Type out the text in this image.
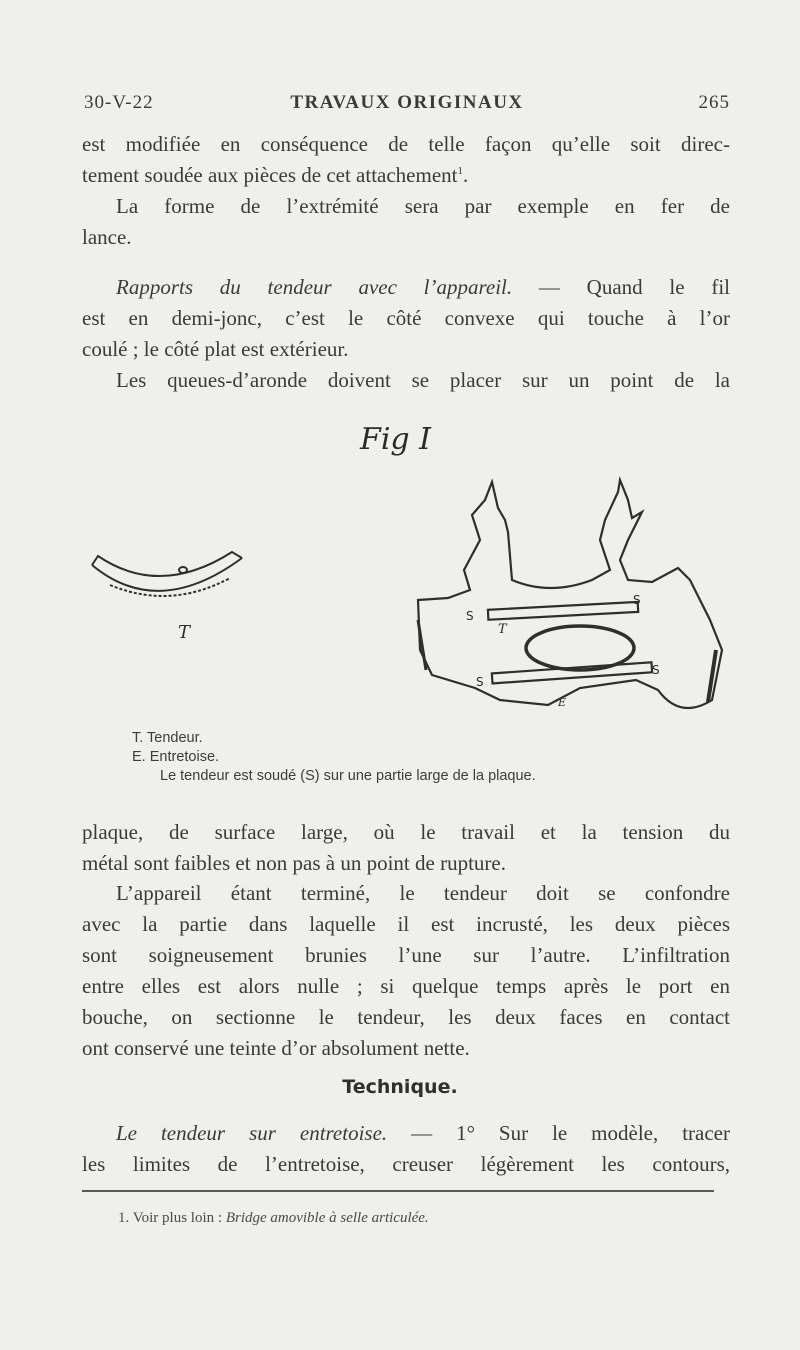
30-V-22	TRAVAUX ORIGINAUX	265
est modifiée en conséquence de telle façon qu’elle soit direc-
tement soudée aux pièces de cet attachement$^1$.
La forme de l’extrémité sera par exemple en fer de
lance.
Rapports du tendeur avec l’appareil. — Quand le fil
est en demi-jonc, c’est le côté convexe qui touche à l’or
coulé ; le côté plat est extérieur.
Les queues-d’aronde doivent se placer sur un point de la
Fig I
T
S
S
S
S
T
E
T. Tendeur.
E. Entretoise.
Le tendeur est soudé (S) sur une partie large de la plaque.
plaque, de surface large, où le travail et la tension du
métal sont faibles et non pas à un point de rupture.
L’appareil étant terminé, le tendeur doit se confondre
avec la partie dans laquelle il est incrusté, les deux pièces
sont soigneusement brunies l’une sur l’autre. L’infiltration
entre elles est alors nulle ; si quelque temps après le port en
bouche, on sectionne le tendeur, les deux faces en contact
ont conservé une teinte d’or absolument nette.
Technique.
Le tendeur sur entretoise. — 1° Sur le modèle, tracer
les limites de l’entretoise, creuser légèrement les contours,
1. Voir plus loin : Bridge amovible à selle articulée.
